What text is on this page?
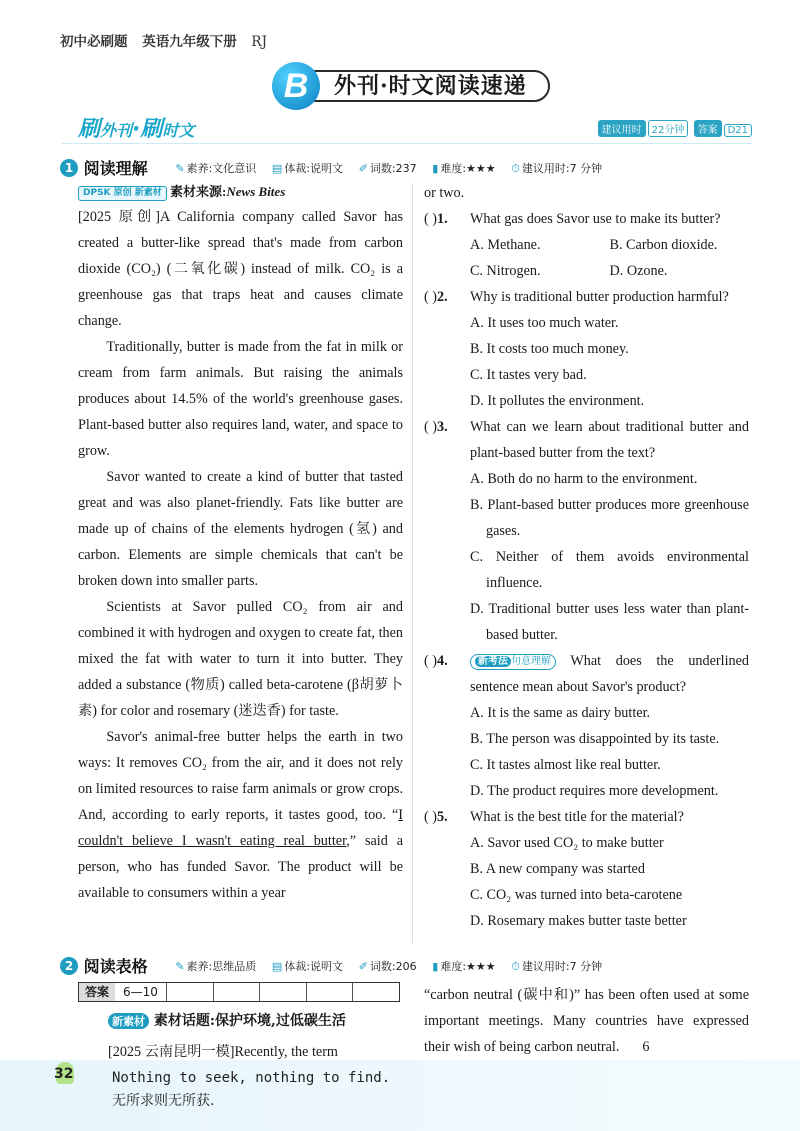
初中必刷题 英语九年级下册 RJ
外刊·时文阅读速递
B
刷外刊·刷时文	建议用时 22分钟 答案 D21
1 阅读理解	✎ 素养:文化意识 ▤ 体裁:说明文 ✐ 词数:237 ▮ 难度:★★★ ⏱ 建议用时:7 分钟
DPSK 原创 新素材 素材来源:News Bites

[2025 原创]A California company called Savor has created a butter-like spread that's made from carbon dioxide (CO₂) (二氧化碳) instead of milk. CO₂ is a greenhouse gas that traps heat and causes climate change.

Traditionally, butter is made from the fat in milk or cream from farm animals. But raising the animals produces about 14.5% of the world's greenhouse gases. Plant-based butter also requires land, water, and space to grow.

Savor wanted to create a kind of butter that tasted great and was also planet-friendly. Fats like butter are made up of chains of the elements hydrogen (氢) and carbon. Elements are simple chemicals that can't be broken down into smaller parts.

Scientists at Savor pulled CO₂ from air and combined it with hydrogen and oxygen to create fat, then mixed the fat with water to turn it into butter. They added a substance (物质) called beta-carotene (β胡萝卜素) for color and rosemary (迷迭香) for taste.

Savor's animal-free butter helps the earth in two ways: It removes CO₂ from the air, and it does not rely on limited resources to raise farm animals or grow crops. And, according to early reports, it tastes good, too. “I couldn't believe I wasn't eating real butter,” said a person, who has funded Savor. The product will be available to consumers within a year

or two.
( )1. What gas does Savor use to make its butter?
A. Methane.	B. Carbon dioxide.
C. Nitrogen.	D. Ozone.
( )2. Why is traditional butter production harmful?
A. It uses too much water.
B. It costs too much money.
C. It tastes very bad.
D. It pollutes the environment.
( )3. What can we learn about traditional butter and plant-based butter from the text?
A. Both do no harm to the environment.
B. Plant-based butter produces more greenhouse gases.
C. Neither of them avoids environmental influence.
D. Traditional butter uses less water than plant-based butter.
( )4.	新考法 句意理解 What does the underlined sentence mean about Savor's product?
A. It is the same as dairy butter.
B. The person was disappointed by its taste.
C. It tastes almost like real butter.
D. The product requires more development.
( )5. What is the best title for the material?
A. Savor used CO₂ to make butter
B. A new company was started
C. CO₂ was turned into beta-carotene
D. Rosemary makes butter taste better
2 阅读表格	✎ 素养:思维品质 ▤ 体裁:说明文 ✐ 词数:206 ▮ 难度:★★★ ⏱ 建议用时:7 分钟
答案	6—10
新素材 素材话题:保护环境,过低碳生活
[2025 云南昆明一模]Recently, the term
“carbon neutral (碳中和)” has been often used at some important meetings. Many countries have expressed their wish of being carbon neutral. 6
32	Nothing to seek, nothing to find.
无所求则无所获.
